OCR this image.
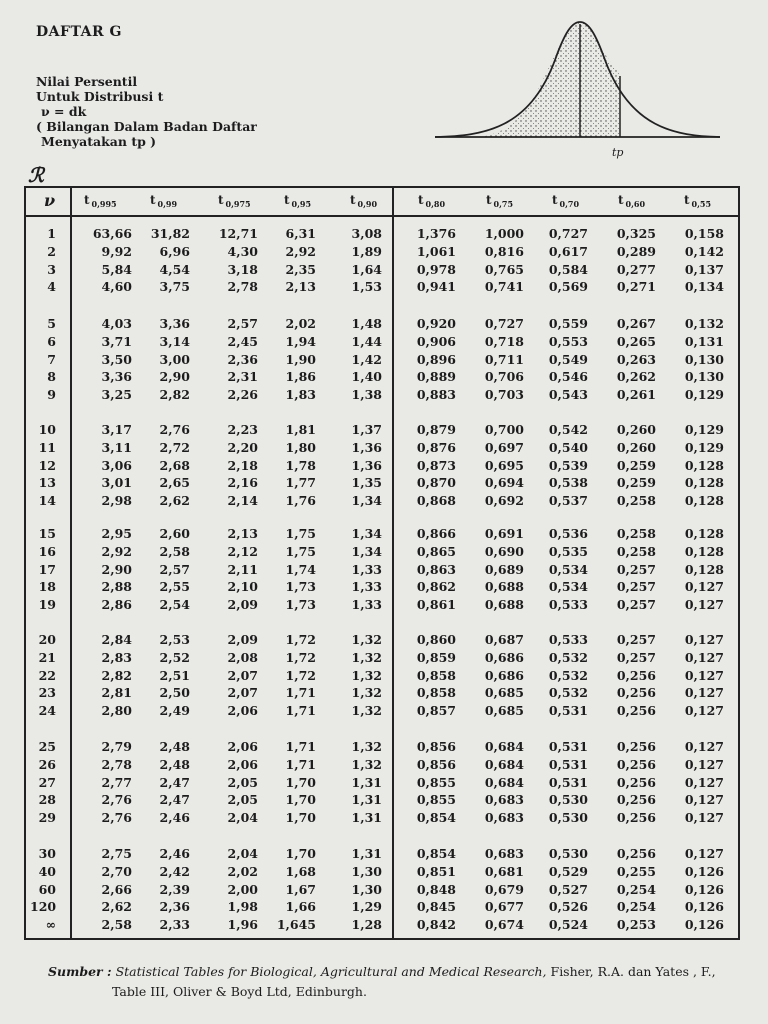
DAFTAR G
Nilai Persentil
Untuk Distribusi t
ν = dk
( Bilangan Dalam Badan Daftar
Menyatakan tp )
ℛ
tp
ν t $_{0,995}$	t $_{0,99}$	t $_{0,975}$	t $_{0,95}$	t $_{0,90}$	t $_{0,80}$	t $_{0,75}$	t $_{0,70}$	t $_{0,60}$	t $_{0,55}$
1	63,66	31,82	12,71	6,31	3,08	1,376	1,000	0,727	0,325	0,158
2	9,92	6,96	4,30	2,92	1,89	1,061	0,816	0,617	0,289	0,142
3	5,84	4,54	3,18	2,35	1,64	0,978	0,765	0,584	0,277	0,137
4	4,60	3,75	2,78	2,13	1,53	0,941	0,741	0,569	0,271	0,134
5	4,03	3,36	2,57	2,02	1,48	0,920	0,727	0,559	0,267	0,132
6	3,71	3,14	2,45	1,94	1,44	0,906	0,718	0,553	0,265	0,131
7	3,50	3,00	2,36	1,90	1,42	0,896	0,711	0,549	0,263	0,130
8	3,36	2,90	2,31	1,86	1,40	0,889	0,706	0,546	0,262	0,130
9	3,25	2,82	2,26	1,83	1,38	0,883	0,703	0,543	0,261	0,129
10	3,17	2,76	2,23	1,81	1,37	0,879	0,700	0,542	0,260	0,129
11	3,11	2,72	2,20	1,80	1,36	0,876	0,697	0,540	0,260	0,129
12	3,06	2,68	2,18	1,78	1,36	0,873	0,695	0,539	0,259	0,128
13	3,01	2,65	2,16	1,77	1,35	0,870	0,694	0,538	0,259	0,128
14	2,98	2,62	2,14	1,76	1,34	0,868	0,692	0,537	0,258	0,128
15	2,95	2,60	2,13	1,75	1,34	0,866	0,691	0,536	0,258	0,128
16	2,92	2,58	2,12	1,75	1,34	0,865	0,690	0,535	0,258	0,128
17	2,90	2,57	2,11	1,74	1,33	0,863	0,689	0,534	0,257	0,128
18	2,88	2,55	2,10	1,73	1,33	0,862	0,688	0,534	0,257	0,127
19	2,86	2,54	2,09	1,73	1,33	0,861	0,688	0,533	0,257	0,127
20	2,84	2,53	2,09	1,72	1,32	0,860	0,687	0,533	0,257	0,127
21	2,83	2,52	2,08	1,72	1,32	0,859	0,686	0,532	0,257	0,127
22	2,82	2,51	2,07	1,72	1,32	0,858	0,686	0,532	0,256	0,127
23	2,81	2,50	2,07	1,71	1,32	0,858	0,685	0,532	0,256	0,127
24	2,80	2,49	2,06	1,71	1,32	0,857	0,685	0,531	0,256	0,127
25	2,79	2,48	2,06	1,71	1,32	0,856	0,684	0,531	0,256	0,127
26	2,78	2,48	2,06	1,71	1,32	0,856	0,684	0,531	0,256	0,127
27	2,77	2,47	2,05	1,70	1,31	0,855	0,684	0,531	0,256	0,127
28	2,76	2,47	2,05	1,70	1,31	0,855	0,683	0,530	0,256	0,127
29	2,76	2,46	2,04	1,70	1,31	0,854	0,683	0,530	0,256	0,127
30	2,75	2,46	2,04	1,70	1,31	0,854	0,683	0,530	0,256	0,127
40	2,70	2,42	2,02	1,68	1,30	0,851	0,681	0,529	0,255	0,126
60	2,66	2,39	2,00	1,67	1,30	0,848	0,679	0,527	0,254	0,126
120	2,62	2,36	1,98	1,66	1,29	0,845	0,677	0,526	0,254	0,126
∞	2,58	2,33	1,96	1,645	1,28	0,842	0,674	0,524	0,253	0,126
Sumber : Statistical Tables for Biological, Agricultural and Medical Research, Fisher, R.A. dan Yates , F.,
Table III, Oliver & Boyd Ltd, Edinburgh.
